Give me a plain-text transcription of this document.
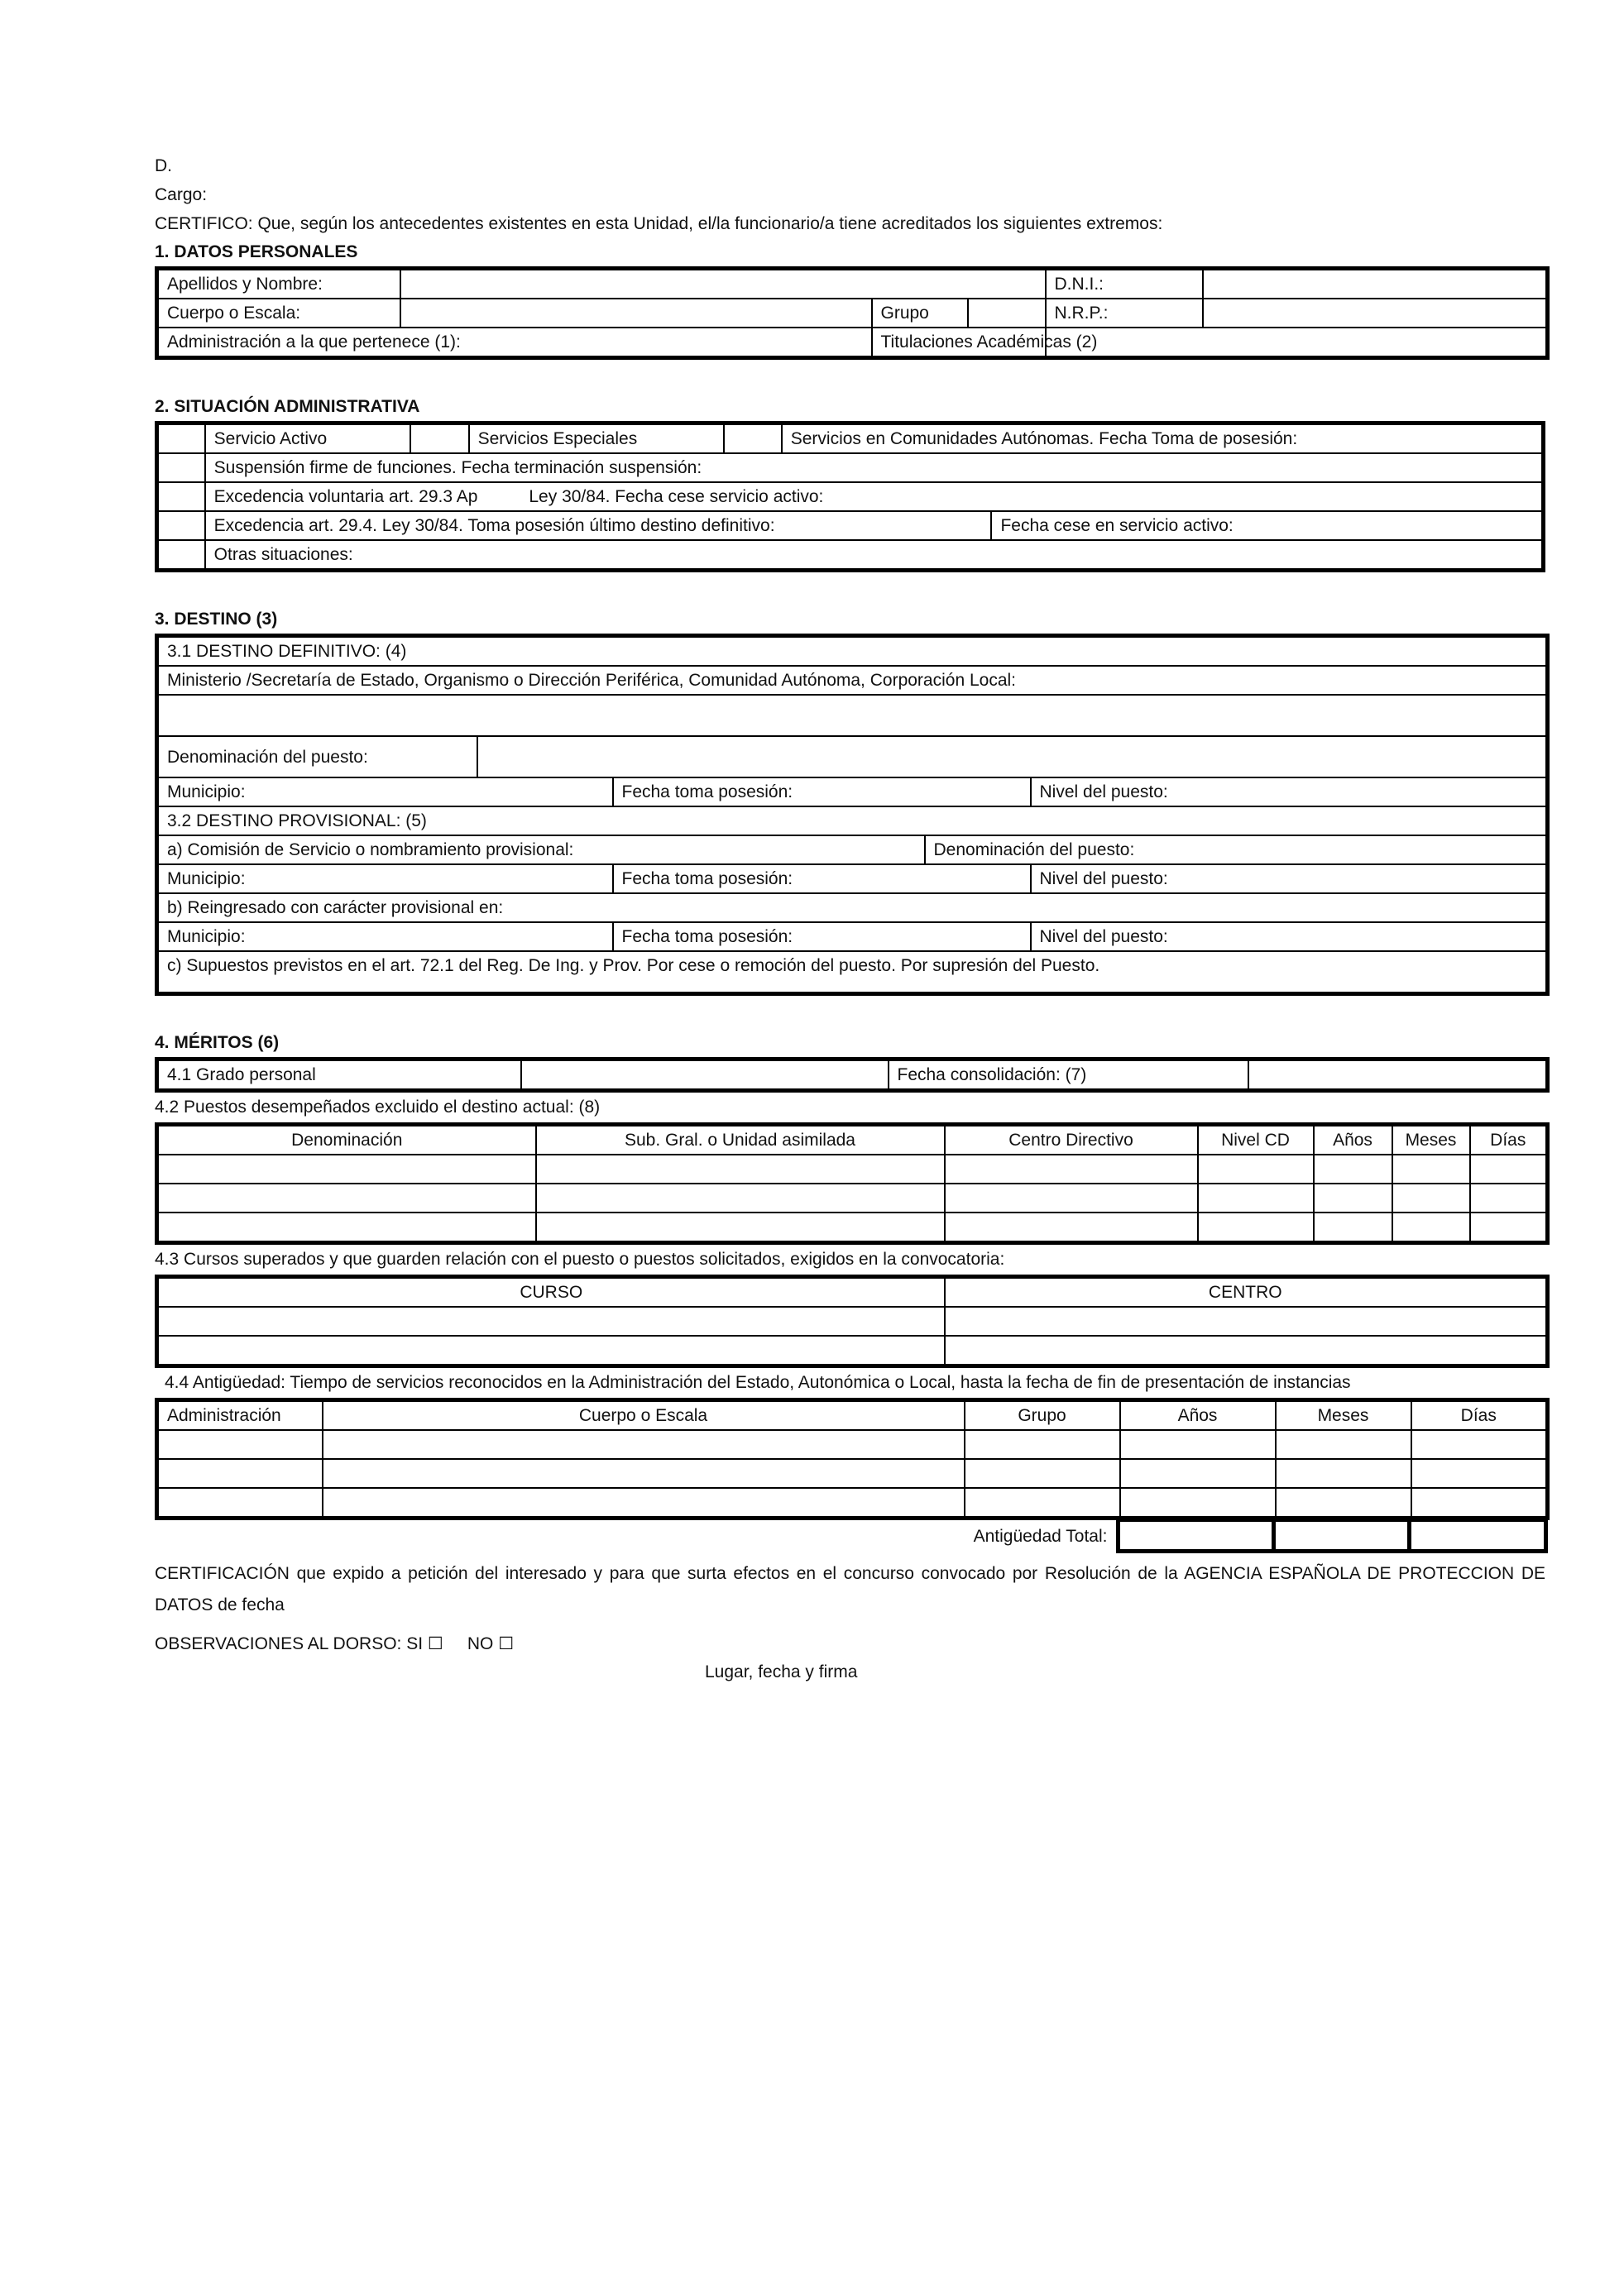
D.
Cargo:
CERTIFICO: Que, según los antecedentes existentes en esta Unidad, el/la funcionario/a tiene acreditados los siguientes extremos:
1. DATOS PERSONALES
Apellidos y Nombre:				D.N.I.:	
Cuerpo o Escala:		Grupo		N.R.P.:	
Administración a la que pertenece (1):		Titulaciones Académicas (2)			
2. SITUACIÓN ADMINISTRATIVA
	Servicio Activo		Servicios Especiales		Servicios en Comunidades Autónomas. Fecha Toma de posesión:	
	Suspensión firme de funciones. Fecha terminación suspensión:					
	Excedencia voluntaria art. 29.3 Ap Ley 30/84. Fecha cese servicio activo:					
	Excedencia art. 29.4. Ley 30/84. Toma posesión último destino definitivo:					Fecha cese en servicio activo:
	Otras situaciones:					
3. DESTINO (3)
3.1 DESTINO DEFINITIVO: (4)				
Ministerio /Secretaría de Estado, Organismo o Dirección Periférica, Comunidad Autónoma, Corporación Local:				

Denominación del puesto:				
Municipio:		Fecha toma posesión:		Nivel del puesto:
3.2 DESTINO PROVISIONAL: (5)				
a) Comisión de Servicio o nombramiento provisional:			Denominación del puesto:	
Municipio:		Fecha toma posesión:		Nivel del puesto:
b) Reingresado con carácter provisional en:				
Municipio:		Fecha toma posesión:		Nivel del puesto:
c) Supuestos previstos en el art. 72.1 del Reg. De Ing. y Prov. Por cese o remoción del puesto. Por supresión del Puesto.				
4. MÉRITOS (6)
4.1 Grado personal		Fecha consolidación: (7)	
4.2 Puestos desempeñados excluido el destino actual: (8)
Denominación	Sub. Gral. o Unidad asimilada	Centro Directivo	Nivel CD	Años	Meses	Días

4.3 Cursos superados y que guarden relación con el puesto o puestos solicitados, exigidos en la convocatoria:
CURSO	CENTRO

4.4 Antigüedad: Tiempo de servicios reconocidos en la Administración del Estado, Autonómica o Local, hasta la fecha de fin de presentación de instancias
Administración	Cuerpo o Escala	Grupo	Años	Meses	Días

Antigüedad Total:			
CERTIFICACIÓN que expido a petición del interesado y para que surta efectos en el concurso convocado por Resolución de la AGENCIA ESPAÑOLA DE PROTECCION DE DATOS de fecha
OBSERVACIONES AL DORSO: SI ☐     NO ☐
Lugar, fecha y firma
